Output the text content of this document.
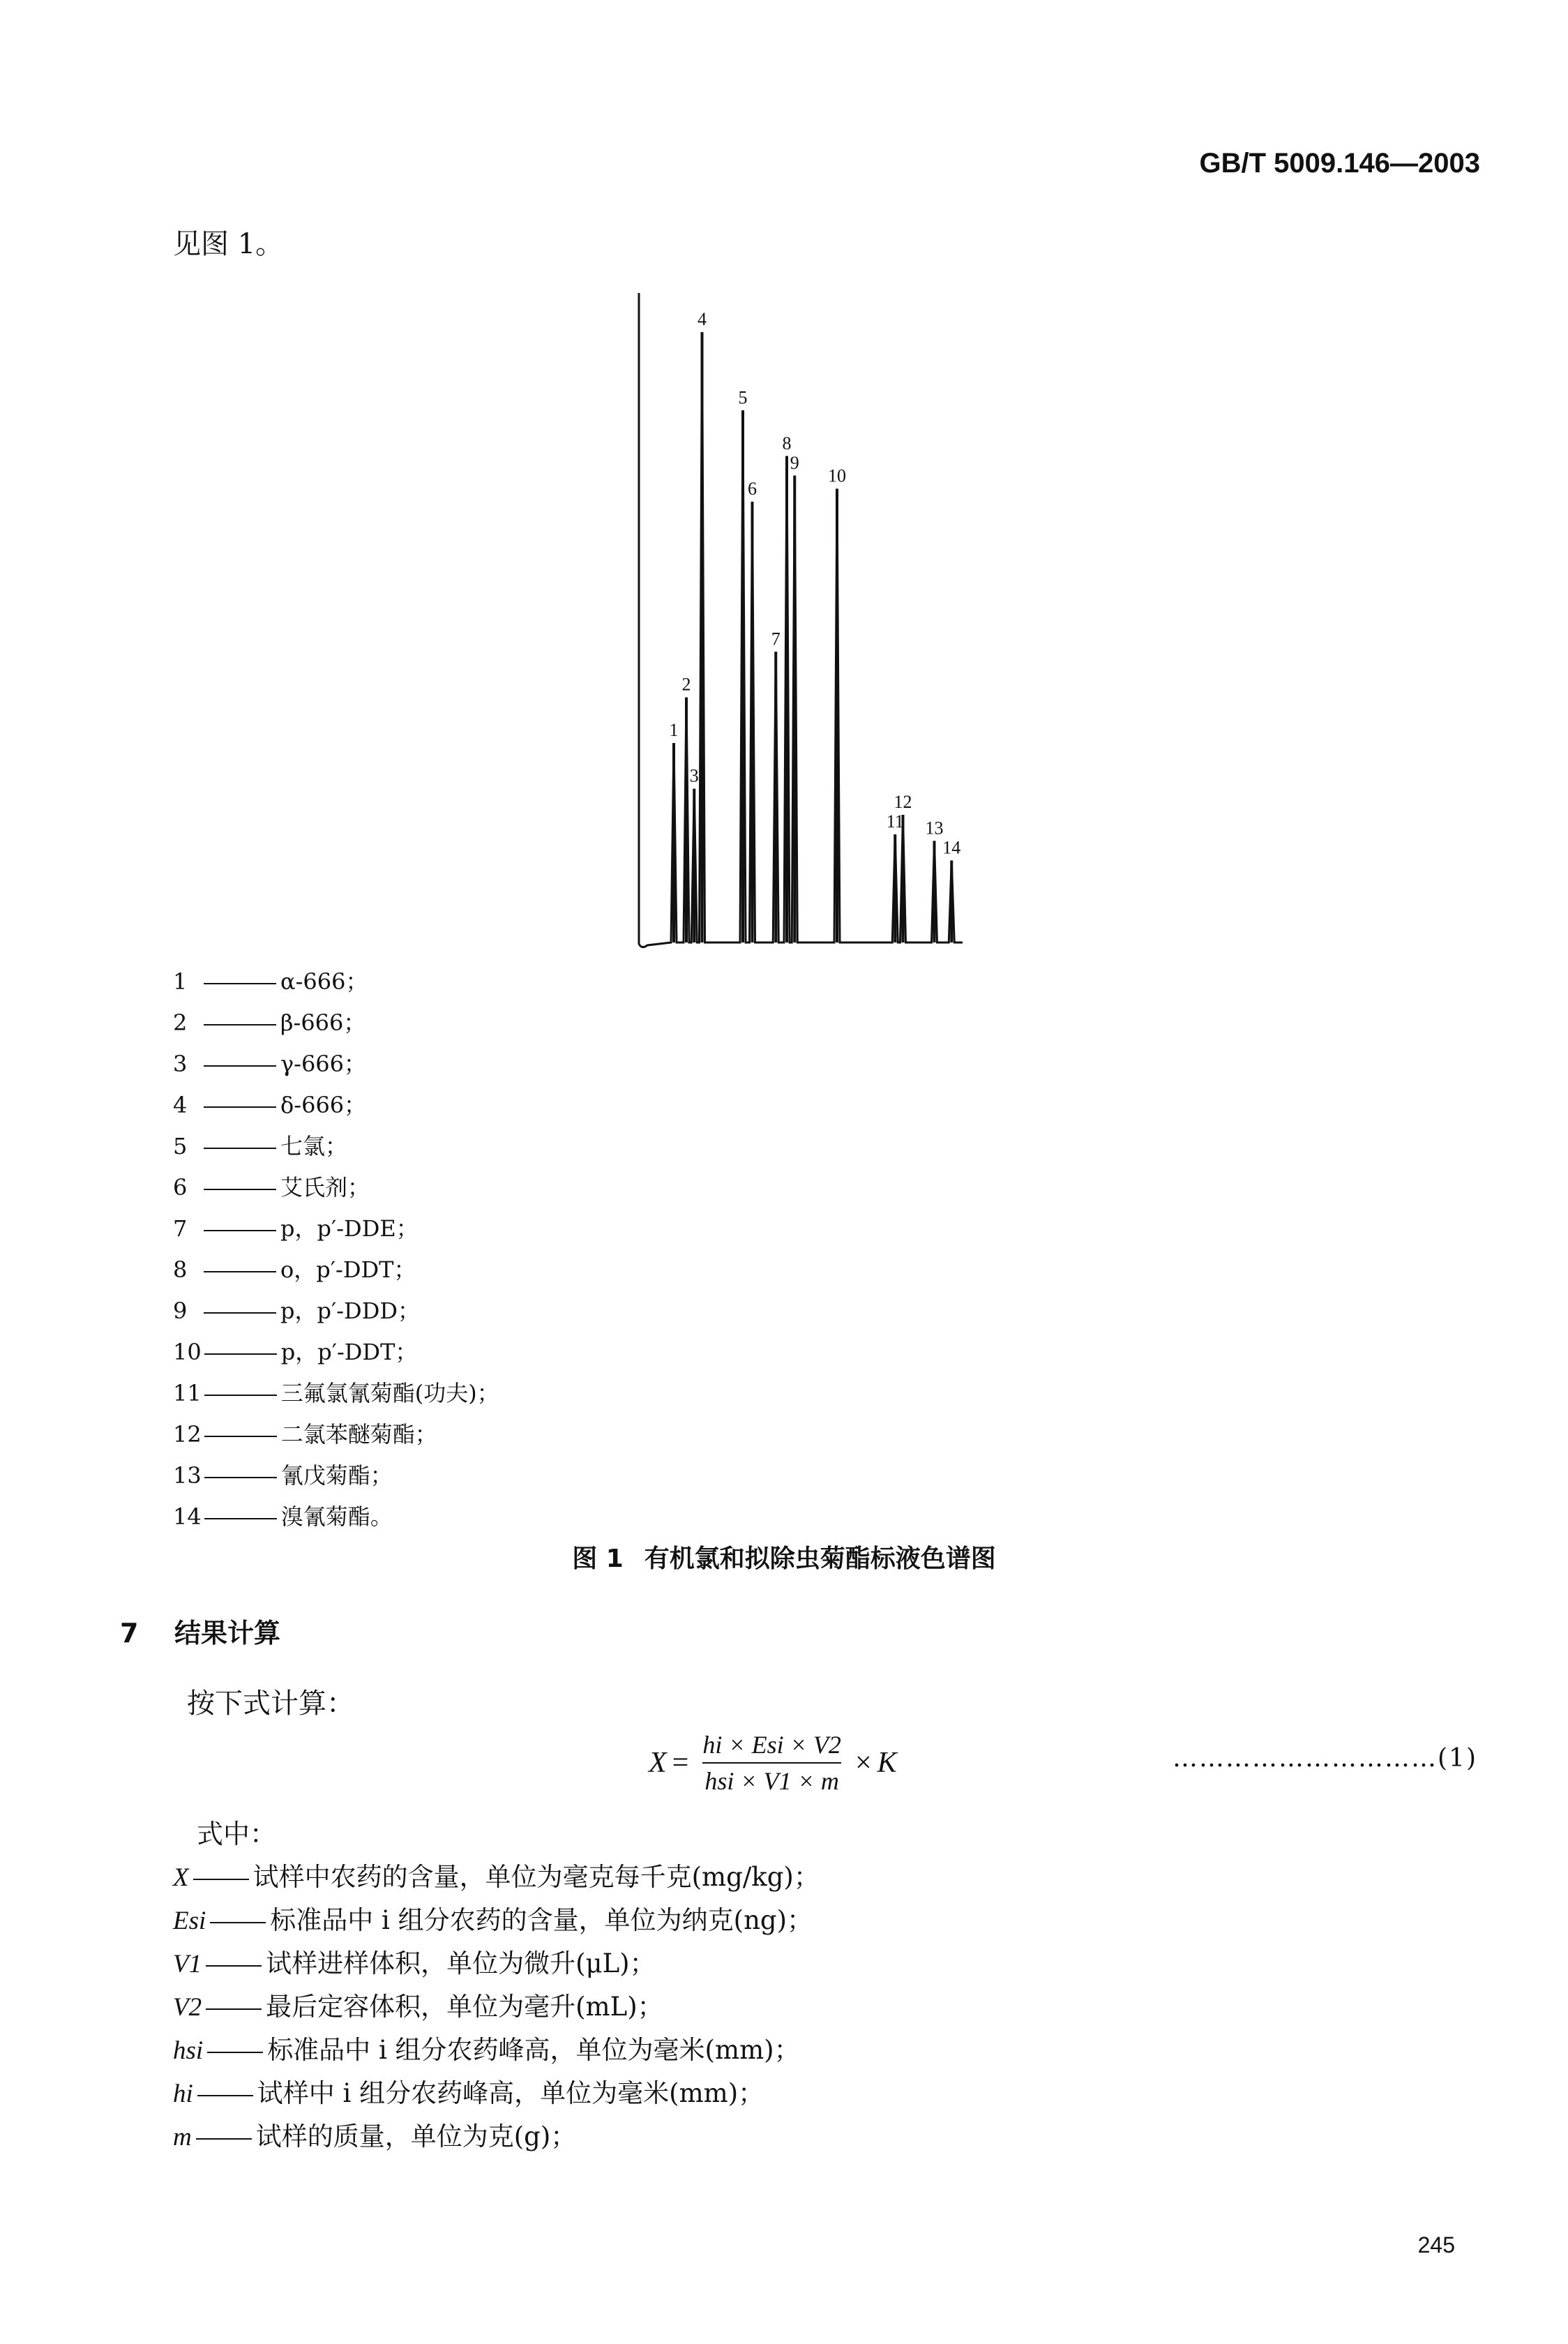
GB/T 5009.146—2003
见图 1。
1
2
3
4
5
6
7
8
9
10
11
12
13
14
1	α-666；
2	β-666；
3	γ-666；
4	δ-666；
5	七氯；
6	艾氏剂；
7	p，p′-DDE；
8	o，p′-DDT；
9	p，p′-DDD；
10	p，p′-DDT；
11	三氟氯氰菊酯(功夫)；
12	二氯苯醚菊酯；
13	氰戊菊酯；
14	溴氰菊酯。
图 1 有机氯和拟除虫菊酯标液色谱图
7 结果计算
按下式计算：
$X = \frac{\text{hi × Esi × V2}}{\text{hsi × V1 × m}} \times K$	…………………………(1)
式中：
X 试样中农药的含量，单位为毫克每千克(mg/kg)；
Esi 标准品中 i 组分农药的含量，单位为纳克(ng)；
V1 试样进样体积，单位为微升(μL)；
V2 最后定容体积，单位为毫升(mL)；
hsi 标准品中 i 组分农药峰高，单位为毫米(mm)；
hi 试样中 i 组分农药峰高，单位为毫米(mm)；
m 试样的质量，单位为克(g)；
245
